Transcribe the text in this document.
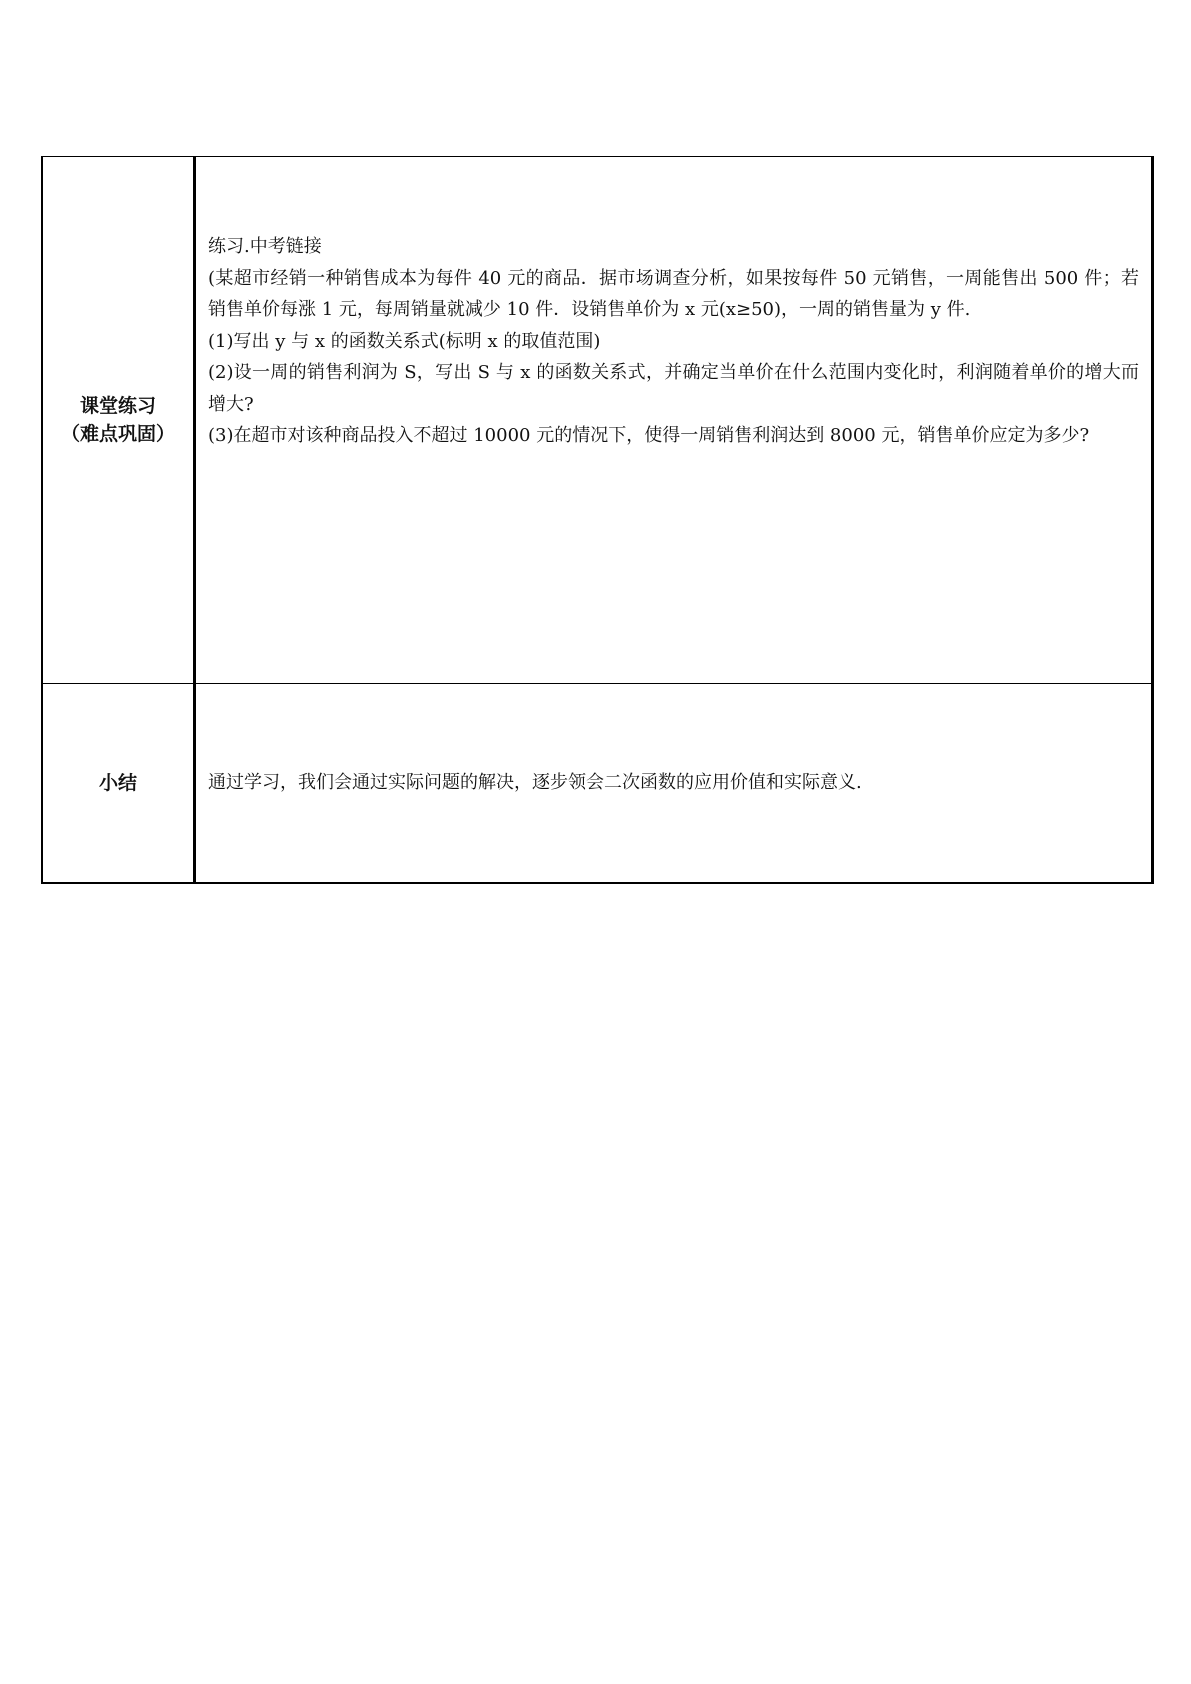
课堂练习
（难点巩固）	练习.中考链接
(某超市经销一种销售成本为每件 40 元的商品．据市场调查分析，如果按每件 50 元销售，一周能售出 500 件；若销售单价每涨 1 元，每周销量就减少 10 件．设销售单价为 x 元(x≥50)，一周的销售量为 y 件.
(1)写出 y 与 x 的函数关系式(标明 x 的取值范围)
(2)设一周的销售利润为 S，写出 S 与 x 的函数关系式，并确定当单价在什么范围内变化时，利润随着单价的增大而增大?
(3)在超市对该种商品投入不超过 10000 元的情况下，使得一周销售利润达到 8000 元，销售单价应定为多少?

小结	通过学习，我们会通过实际问题的解决，逐步领会二次函数的应用价值和实际意义.
